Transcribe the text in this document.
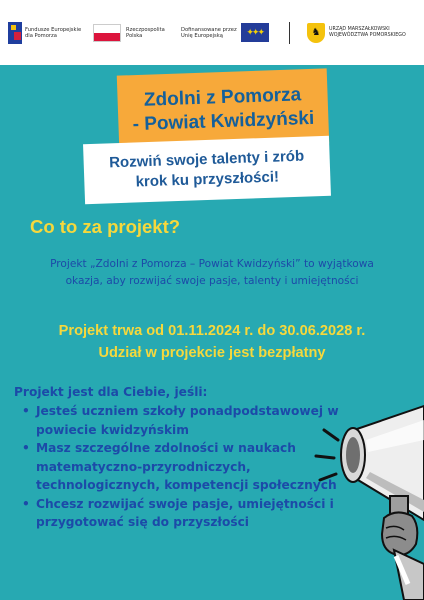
Fundusze Europejskie
dla Pomorza
Rzeczpospolita
Polska
Dofinansowane przez
Unię Europejską	✦✦✦	♞ URZĄD MARSZAŁKOWSKI
WOJEWÓDZTWA POMORSKIEGO
Zdolni z Pomorza
- Powiat Kwidzyński
Rozwiń swoje talenty i zrób
krok ku przyszłości!
Co to za projekt?
Projekt „Zdolni z Pomorza – Powiat Kwidzyński” to wyjątkowa
okazja, aby rozwijać swoje pasje, talenty i umiejętności
Projekt trwa od 01.11.2024 r. do 30.06.2028 r.
Udział w projekcie jest bezpłatny
Projekt jest dla Ciebie, jeśli:
• Jesteś uczniem szkoły ponadpodstawowej w
powiecie kwidzyńskim
• Masz szczególne zdolności w naukach
matematyczno-przyrodniczych,
technologicznych, kompetencji społecznych
• Chcesz rozwijać swoje pasje, umiejętności i
przygotować się do przyszłości
